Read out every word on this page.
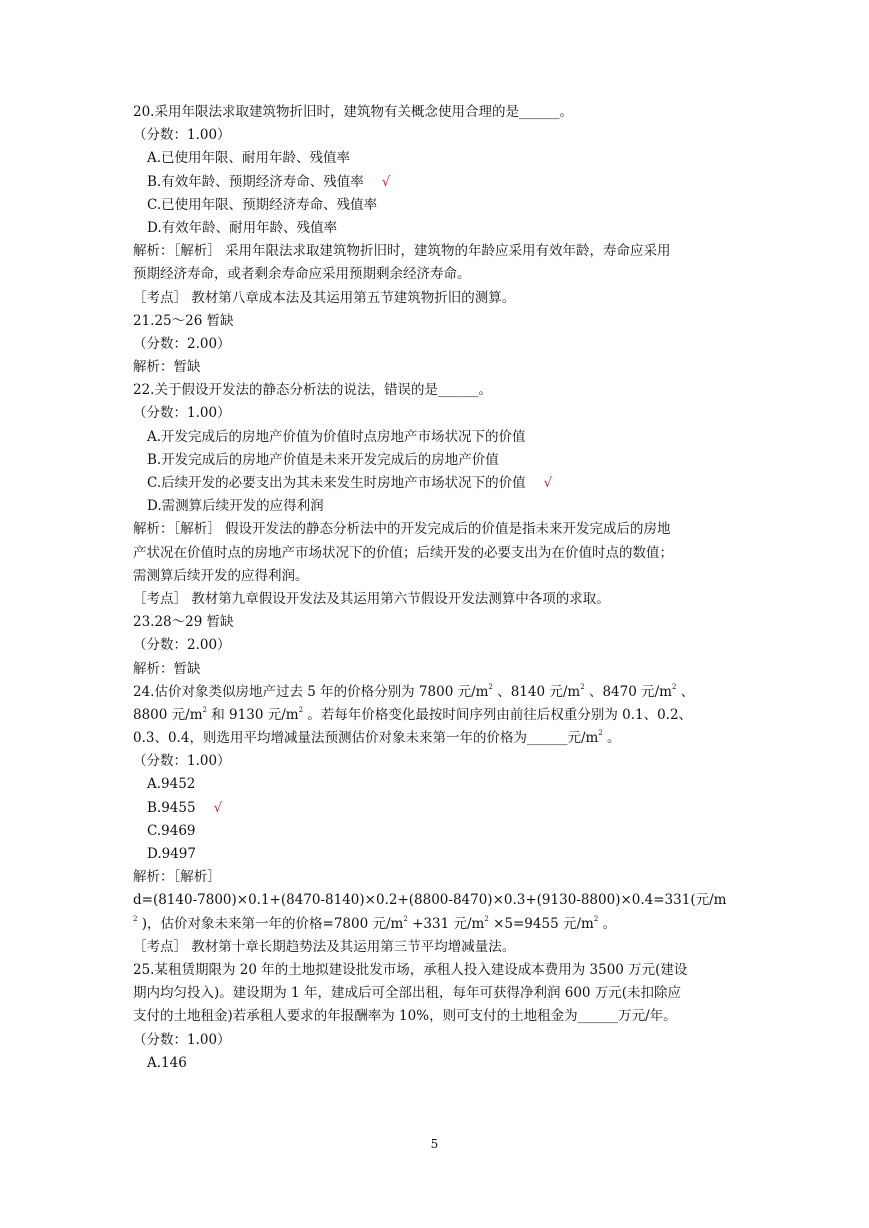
20.采用年限法求取建筑物折旧时，建筑物有关概念使用合理的是______。
（分数：1.00）
A.已使用年限、耐用年龄、残值率
B.有效年龄、预期经济寿命、残值率 √
C.已使用年限、预期经济寿命、残值率
D.有效年龄、耐用年龄、残值率
解析：［解析］ 采用年限法求取建筑物折旧时，建筑物的年龄应采用有效年龄，寿命应采用
预期经济寿命，或者剩余寿命应采用预期剩余经济寿命。
［考点］ 教材第八章成本法及其运用第五节建筑物折旧的测算。
21.25～26 暂缺
（分数：2.00）
解析：暂缺
22.关于假设开发法的静态分析法的说法，错误的是______。
（分数：1.00）
A.开发完成后的房地产价值为价值时点房地产市场状况下的价值
B.开发完成后的房地产价值是未来开发完成后的房地产价值
C.后续开发的必要支出为其未来发生时房地产市场状况下的价值 √
D.需测算后续开发的应得利润
解析：［解析］ 假设开发法的静态分析法中的开发完成后的价值是指未来开发完成后的房地
产状况在价值时点的房地产市场状况下的价值；后续开发的必要支出为在价值时点的数值；
需测算后续开发的应得利润。
［考点］ 教材第九章假设开发法及其运用第六节假设开发法测算中各项的求取。
23.28～29 暂缺
（分数：2.00）
解析：暂缺
24.估价对象类似房地产过去 5 年的价格分别为 7800 元$/m^2$ 、8140 元$/m^2$ 、8470 元$/m^2$ 、
8800 元$/m^2$ 和 9130 元$/m^2$ 。若每年价格变化最按时间序列由前往后权重分别为 0.1、0.2、
0.3、0.4，则选用平均增减量法预测估价对象未来第一年的价格为______元$/m^2$ 。
（分数：1.00）
A.9452
B.9455 √
C.9469
D.9497
解析：［解析］
d=(8140-7800)×0.1+(8470-8140)×0.2+(8800-8470)×0.3+(9130-8800)×0.4=331(元/m
$^2$ )，估价对象未来第一年的价格=7800 元$/m^2 +331$ 元$/m^2 \times 5=9455$ 元$/m^2$ 。
［考点］ 教材第十章长期趋势法及其运用第三节平均增减量法。
25.某租赁期限为 20 年的土地拟建设批发市场，承租人投入建设成本费用为 3500 万元(建设
期内均匀投入)。建设期为 1 年，建成后可全部出租，每年可获得净利润 600 万元(未扣除应
支付的土地租金)若承租人要求的年报酬率为 10%，则可支付的土地租金为______万元/年。
（分数：1.00）
A.146
5
